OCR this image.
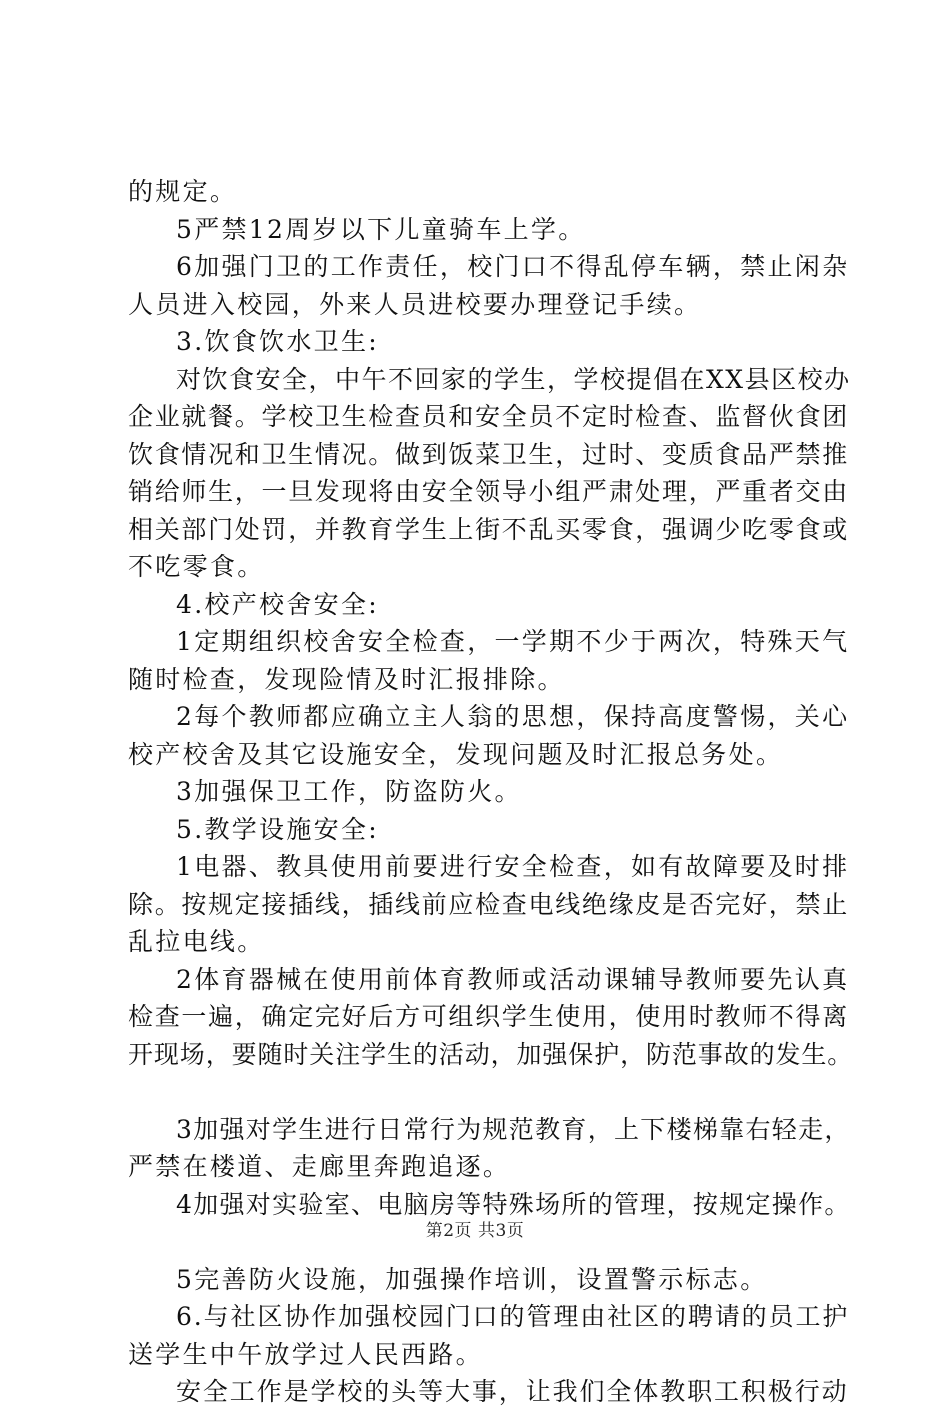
的规定。
5严禁12周岁以下儿童骑车上学。
6加强门卫的工作责任，校门口不得乱停车辆，禁止闲杂
人员进入校园，外来人员进校要办理登记手续。
3.饮食饮水卫生:
对饮食安全，中午不回家的学生，学校提倡在XX县区校办
企业就餐。学校卫生检查员和安全员不定时检查、监督伙食团
饮食情况和卫生情况。做到饭菜卫生，过时、变质食品严禁推
销给师生，一旦发现将由安全领导小组严肃处理，严重者交由
相关部门处罚，并教育学生上街不乱买零食，强调少吃零食或
不吃零食。
4.校产校舍安全:
1定期组织校舍安全检查，一学期不少于两次，特殊天气
随时检查，发现险情及时汇报排除。
2每个教师都应确立主人翁的思想，保持高度警惕，关心
校产校舍及其它设施安全，发现问题及时汇报总务处。
3加强保卫工作，防盗防火。
5.教学设施安全:
1电器、教具使用前要进行安全检查，如有故障要及时排
除。按规定接插线，插线前应检查电线绝缘皮是否完好，禁止
乱拉电线。
2体育器械在使用前体育教师或活动课辅导教师要先认真
检查一遍，确定完好后方可组织学生使用，使用时教师不得离
开现场，要随时关注学生的活动，加强保护，防范事故的发生。
3加强对学生进行日常行为规范教育，上下楼梯靠右轻走，
严禁在楼道、走廊里奔跑追逐。
4加强对实验室、电脑房等特殊场所的管理，按规定操作。
5完善防火设施，加强操作培训，设置警示标志。
6.与社区协作加强校园门口的管理由社区的聘请的员工护
送学生中午放学过人民西路。
安全工作是学校的头等大事，让我们全体教职工积极行动
第2页 共3页
